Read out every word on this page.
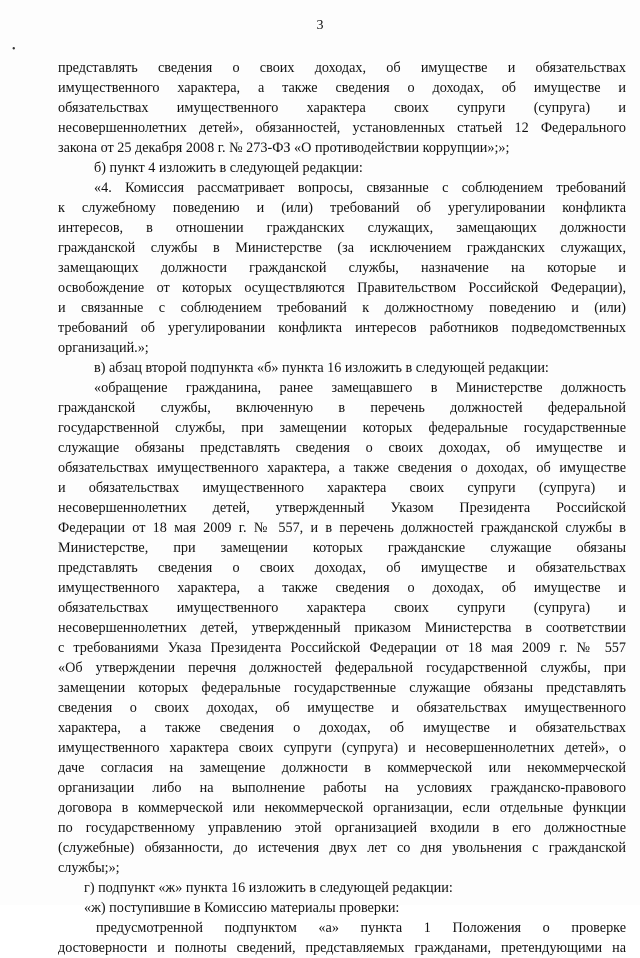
•
3
представлять сведения о своих доходах, об имуществе и обязательствах
имущественного характера, а также сведения о доходах, об имуществе и
обязательствах имущественного характера своих супруги (супруга) и
несовершеннолетних детей», обязанностей, установленных статьей 12 Федерального
закона от 25 декабря 2008 г. № 273-ФЗ «О противодействии коррупции»;»;
б) пункт 4 изложить в следующей редакции:
«4. Комиссия рассматривает вопросы, связанные с соблюдением требований
к служебному поведению и (или) требований об урегулировании конфликта
интересов, в отношении гражданских служащих, замещающих должности
гражданской службы в Министерстве (за исключением гражданских служащих,
замещающих должности гражданской службы, назначение на которые и
освобождение от которых осуществляются Правительством Российской Федерации),
и связанные с соблюдением требований к должностному поведению и (или)
требований об урегулировании конфликта интересов работников подведомственных
организаций.»;
в) абзац второй подпункта «б» пункта 16 изложить в следующей редакции:
«обращение гражданина, ранее замещавшего в Министерстве должность
гражданской службы, включенную в перечень должностей федеральной
государственной службы, при замещении которых федеральные государственные
служащие обязаны представлять сведения о своих доходах, об имуществе и
обязательствах имущественного характера, а также сведения о доходах, об имуществе
и обязательствах имущественного характера своих супруги (супруга) и
несовершеннолетних детей, утвержденный Указом Президента Российской
Федерации от 18 мая 2009 г. № 557, и в перечень должностей гражданской службы в
Министерстве, при замещении которых гражданские служащие обязаны
представлять сведения о своих доходах, об имуществе и обязательствах
имущественного характера, а также сведения о доходах, об имуществе и
обязательствах имущественного характера своих супруги (супруга) и
несовершеннолетних детей, утвержденный приказом Министерства в соответствии
с требованиями Указа Президента Российской Федерации от 18 мая 2009 г. № 557
«Об утверждении перечня должностей федеральной государственной службы, при
замещении которых федеральные государственные служащие обязаны представлять
сведения о своих доходах, об имуществе и обязательствах имущественного
характера, а также сведения о доходах, об имуществе и обязательствах
имущественного характера своих супруги (супруга) и несовершеннолетних детей», о
даче согласия на замещение должности в коммерческой или некоммерческой
организации либо на выполнение работы на условиях гражданско-правового
договора в коммерческой или некоммерческой организации, если отдельные функции
по государственному управлению этой организацией входили в его должностные
(служебные) обязанности, до истечения двух лет со дня увольнения с гражданской
службы;»;
г) подпункт «ж» пункта 16 изложить в следующей редакции:
«ж) поступившие в Комиссию материалы проверки:
предусмотренной подпунктом «а» пункта 1 Положения о проверке
достоверности и полноты сведений, представляемых гражданами, претендующими на
